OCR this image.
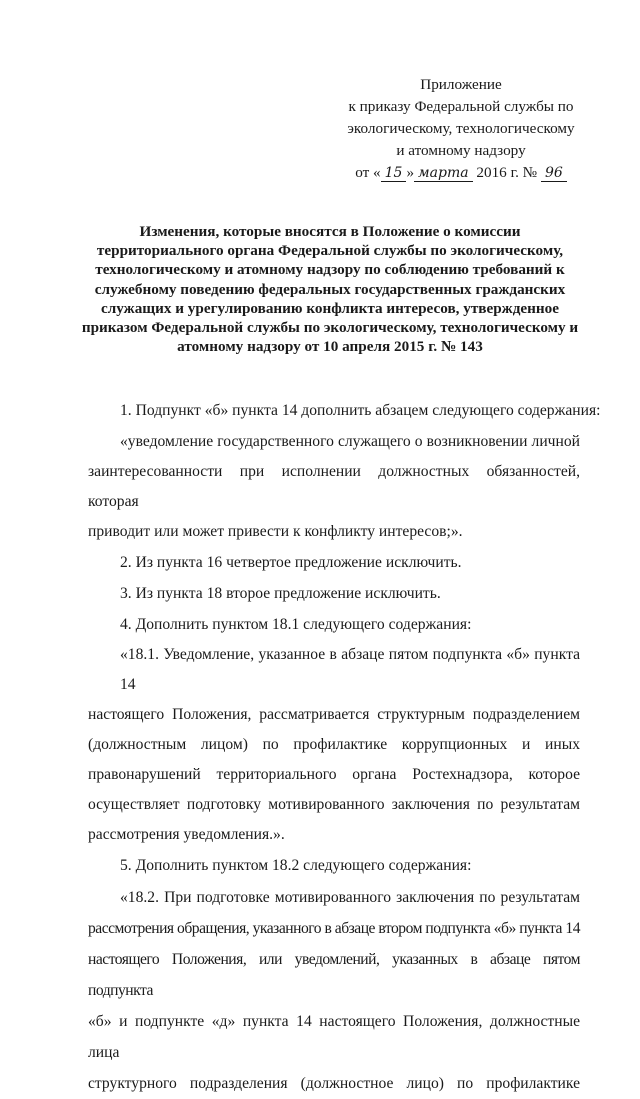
Приложение
к приказу Федеральной службы по
экологическому, технологическому
и атомному надзору
от « 15 » марта 2016 г. № 96
Изменения, которые вносятся в Положение о комиссии
территориального органа Федеральной службы по экологическому,
технологическому и атомному надзору по соблюдению требований к
служебному поведению федеральных государственных гражданских
служащих и урегулированию конфликта интересов, утвержденное
приказом Федеральной службы по экологическому, технологическому и
атомному надзору от 10 апреля 2015 г. № 143

1. Подпункт «б» пункта 14 дополнить абзацем следующего содержания:

«уведомление государственного служащего о возникновении личной

заинтересованности при исполнении должностных обязанностей, которая

приводит или может привести к конфликту интересов;».

2. Из пункта 16 четвертое предложение исключить.

3. Из пункта 18 второе предложение исключить.

4. Дополнить пунктом 18.1 следующего содержания:

«18.1. Уведомление, указанное в абзаце пятом подпункта «б» пункта 14

настоящего Положения, рассматривается структурным подразделением

(должностным лицом) по профилактике коррупционных и иных

правонарушений территориального органа Ростехнадзора, которое

осуществляет подготовку мотивированного заключения по результатам

рассмотрения уведомления.».

5. Дополнить пунктом 18.2 следующего содержания:

«18.2. При подготовке мотивированного заключения по результатам

рассмотрения обращения, указанного в абзаце втором подпункта «б» пункта 14

настоящего Положения, или уведомлений, указанных в абзаце пятом подпункта

«б» и подпункте «д» пункта 14 настоящего Положения, должностные лица

структурного подразделения (должностное лицо) по профилактике
